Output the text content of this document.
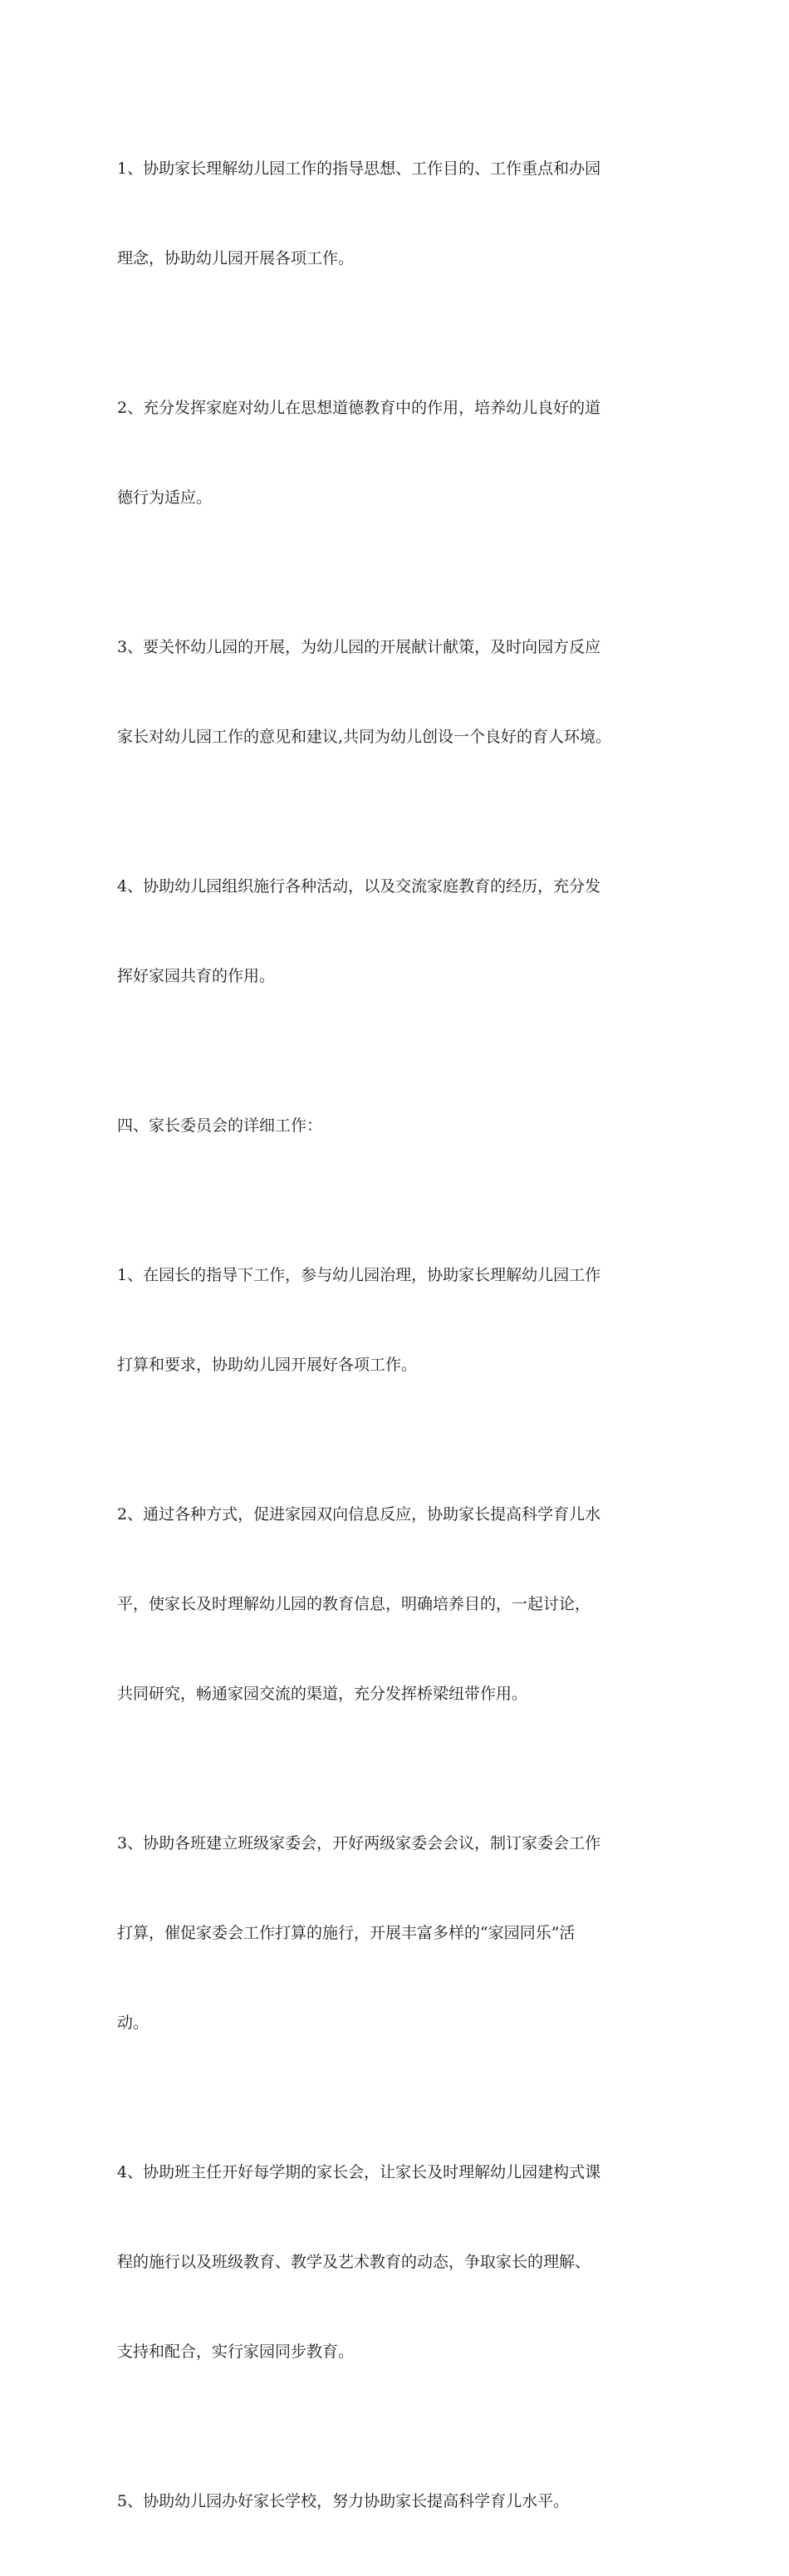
1、协助家长理解幼儿园工作的指导思想、工作目的、工作重点和办园

理念，协助幼儿园开展各项工作。

2、充分发挥家庭对幼儿在思想道德教育中的作用，培养幼儿良好的道

德行为适应。

3、要关怀幼儿园的开展，为幼儿园的开展献计献策，及时向园方反应

家长对幼儿园工作的意见和建议,共同为幼儿创设一个良好的育人环境。

4、协助幼儿园组织施行各种活动，以及交流家庭教育的经历，充分发

挥好家园共育的作用。

四、家长委员会的详细工作：

1、在园长的指导下工作，参与幼儿园治理，协助家长理解幼儿园工作

打算和要求，协助幼儿园开展好各项工作。

2、通过各种方式，促进家园双向信息反应，协助家长提高科学育儿水

平，使家长及时理解幼儿园的教育信息，明确培养目的，一起讨论，

共同研究，畅通家园交流的渠道，充分发挥桥梁纽带作用。

3、协助各班建立班级家委会，开好两级家委会会议，制订家委会工作

打算，催促家委会工作打算的施行，开展丰富多样的“家园同乐”活

动。

4、协助班主任开好每学期的家长会，让家长及时理解幼儿园建构式课

程的施行以及班级教育、教学及艺术教育的动态，争取家长的理解、

支持和配合，实行家园同步教育。

5、协助幼儿园办好家长学校，努力协助家长提高科学育儿水平。
